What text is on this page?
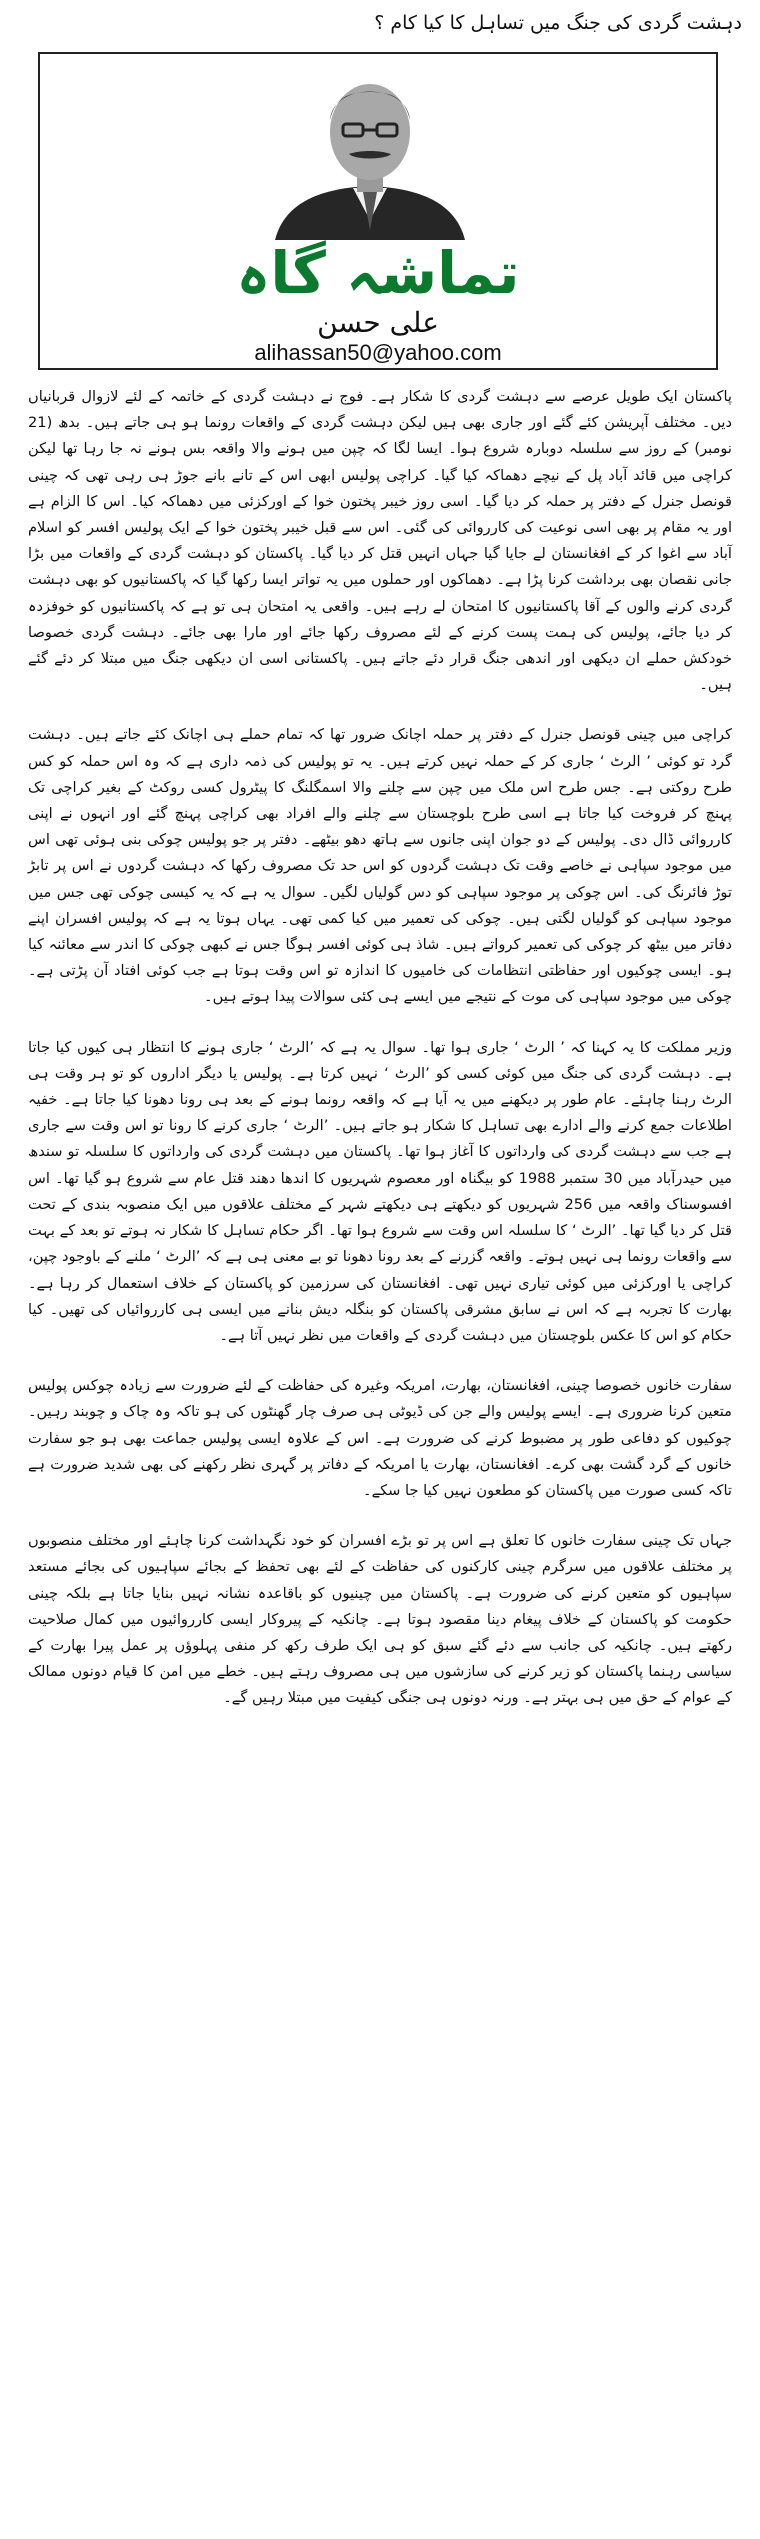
دہشت گردی کی جنگ میں تساہل کا کیا کام ؟
تماشہ گاہ
علی حسن
alihassan50@yahoo.com

پاکستان ایک طویل عرصے سے دہشت گردی کا شکار ہے۔ فوج نے دہشت گردی کے خاتمہ کے لئے لازوال قربانیاں دیں۔ مختلف آپریشن کئے گئے اور جاری بھی ہیں لیکن دہشت گردی کے واقعات رونما ہو ہی جاتے ہیں۔ بدھ (21 نومبر) کے روز سے سلسلہ دوبارہ شروع ہوا۔ ایسا لگا کہ چپن میں ہونے والا واقعہ بس ہونے نہ جا رہا تھا لیکن کراچی میں قائد آباد پل کے نیچے دھماکہ کیا گیا۔ کراچی پولیس ابھی اس کے تانے بانے جوڑ ہی رہی تھی کہ چینی قونصل جنرل کے دفتر پر حملہ کر دیا گیا۔ اسی روز خیبر پختون خوا کے اورکزئی میں دھماکہ کیا۔ اس کا الزام ہے اور یہ مقام پر بھی اسی نوعیت کی کارروائی کی گئی۔ اس سے قبل خیبر پختون خوا کے ایک پولیس افسر کو اسلام آباد سے اغوا کر کے افغانستان لے جایا گیا جہاں انہیں قتل کر دیا گیا۔ پاکستان کو دہشت گردی کے واقعات میں بڑا جانی نقصان بھی برداشت کرنا پڑا ہے۔ دھماکوں اور حملوں میں یہ تواتر ایسا رکھا گیا کہ پاکستانیوں کو بھی دہشت گردی کرنے والوں کے آقا پاکستانیوں کا امتحان لے رہے ہیں۔ واقعی یہ امتحان ہی تو ہے کہ پاکستانیوں کو خوفزدہ کر دیا جائے، پولیس کی ہمت پست کرنے کے لئے مصروف رکھا جائے اور مارا بھی جائے۔ دہشت گردی خصوصا خودکش حملے ان دیکھی اور اندھی جنگ قرار دئے جاتے ہیں۔ پاکستانی اسی ان دیکھی جنگ میں مبتلا کر دئے گئے ہیں۔

کراچی میں چینی قونصل جنرل کے دفتر پر حملہ اچانک ضرور تھا کہ تمام حملے ہی اچانک کئے جاتے ہیں۔ دہشت گرد تو کوئی ’ الرٹ ‘ جاری کر کے حملہ نہیں کرتے ہیں۔ یہ تو پولیس کی ذمہ داری ہے کہ وہ اس حملہ کو کس طرح روکتی ہے۔ جس طرح اس ملک میں چپن سے چلنے والا اسمگلنگ کا پیٹرول کسی روکٹ کے بغیر کراچی تک پہنچ کر فروخت کیا جاتا ہے اسی طرح بلوچستان سے چلنے والے افراد بھی کراچی پہنچ گئے اور انہوں نے اپنی کارروائی ڈال دی۔ پولیس کے دو جوان اپنی جانوں سے ہاتھ دھو بیٹھے۔ دفتر پر جو پولیس چوکی بنی ہوئی تھی اس میں موجود سپاہی نے خاصے وقت تک دہشت گردوں کو اس حد تک مصروف رکھا کہ دہشت گردوں نے اس پر تابڑ توڑ فائرنگ کی۔ اس چوکی پر موجود سپاہی کو دس گولیاں لگیں۔ سوال یہ ہے کہ یہ کیسی چوکی تھی جس میں موجود سپاہی کو گولیاں لگتی ہیں۔ چوکی کی تعمیر میں کیا کمی تھی۔ یہاں ہوتا یہ ہے کہ پولیس افسران اپنے دفاتر میں بیٹھ کر چوکی کی تعمیر کرواتے ہیں۔ شاذ ہی کوئی افسر ہوگا جس نے کبھی چوکی کا اندر سے معائنہ کیا ہو۔ ایسی چوکیوں اور حفاظتی انتظامات کی خامیوں کا اندازہ تو اس وقت ہوتا ہے جب کوئی افتاد آن پڑتی ہے۔ چوکی میں موجود سپاہی کی موت کے نتیجے میں ایسے ہی کئی سوالات پیدا ہوتے ہیں۔

وزیر مملکت کا یہ کہنا کہ ’ الرٹ ‘ جاری ہوا تھا۔ سوال یہ ہے کہ ’الرٹ ‘ جاری ہونے کا انتظار ہی کیوں کیا جاتا ہے۔ دہشت گردی کی جنگ میں کوئی کسی کو ’الرٹ ‘ نہیں کرتا ہے۔ پولیس یا دیگر اداروں کو تو ہر وقت ہی الرٹ رہنا چاہئے۔ عام طور پر دیکھنے میں یہ آیا ہے کہ واقعہ رونما ہونے کے بعد ہی رونا دھونا کیا جاتا ہے۔ خفیہ اطلاعات جمع کرنے والے ادارے بھی تساہل کا شکار ہو جاتے ہیں۔ ’الرٹ ‘ جاری کرنے کا رونا تو اس وقت سے جاری ہے جب سے دہشت گردی کی وارداتوں کا آغاز ہوا تھا۔ پاکستان میں دہشت گردی کی وارداتوں کا سلسلہ تو سندھ میں حیدرآباد میں 30 ستمبر 1988 کو بیگناہ اور معصوم شہریوں کا اندھا دھند قتل عام سے شروع ہو گیا تھا۔ اس افسوسناک واقعہ میں 256 شہریوں کو دیکھتے ہی دیکھتے شہر کے مختلف علاقوں میں ایک منصوبہ بندی کے تحت قتل کر دیا گیا تھا۔ ’الرٹ ‘ کا سلسلہ اس وقت سے شروع ہوا تھا۔ اگر حکام تساہل کا شکار نہ ہوتے تو بعد کے بہت سے واقعات رونما ہی نہیں ہوتے۔ واقعہ گزرنے کے بعد رونا دھونا تو بے معنی ہی ہے کہ ’الرٹ ‘ ملنے کے باوجود چپن، کراچی یا اورکزئی میں کوئی تیاری نہیں تھی۔ افغانستان کی سرزمین کو پاکستان کے خلاف استعمال کر رہا ہے۔ بھارت کا تجربہ ہے کہ اس نے سابق مشرقی پاکستان کو بنگلہ دیش بنانے میں ایسی ہی کارروائیاں کی تھیں۔ کیا حکام کو اس کا عکس بلوچستان میں دہشت گردی کے واقعات میں نظر نہیں آتا ہے۔

سفارت خانوں خصوصا چینی، افغانستان، بھارت، امریکہ وغیرہ کی حفاظت کے لئے ضرورت سے زیادہ چوکس پولیس متعین کرنا ضروری ہے۔ ایسے پولیس والے جن کی ڈیوٹی ہی صرف چار گھنٹوں کی ہو تاکہ وہ چاک و چوبند رہیں۔ چوکیوں کو دفاعی طور پر مضبوط کرنے کی ضرورت ہے۔ اس کے علاوہ ایسی پولیس جماعت بھی ہو جو سفارت خانوں کے گرد گشت بھی کرے۔ افغانستان، بھارت یا امریکہ کے دفاتر پر گہری نظر رکھنے کی بھی شدید ضرورت ہے تاکہ کسی صورت میں پاکستان کو مطعون نہیں کیا جا سکے۔

جہاں تک چینی سفارت خانوں کا تعلق ہے اس پر تو بڑے افسران کو خود نگہداشت کرنا چاہئے اور مختلف منصوبوں پر مختلف علاقوں میں سرگرم چینی کارکنوں کی حفاظت کے لئے بھی تحفظ کے بجائے سپاہیوں کی بجائے مستعد سپاہیوں کو متعین کرنے کی ضرورت ہے۔ پاکستان میں چینیوں کو باقاعدہ نشانہ نہیں بنایا جاتا ہے بلکہ چینی حکومت کو پاکستان کے خلاف پیغام دینا مقصود ہوتا ہے۔ چانکیہ کے پیروکار ایسی کارروائیوں میں کمال صلاحیت رکھتے ہیں۔ چانکیہ کی جانب سے دئے گئے سبق کو ہی ایک طرف رکھ کر منفی پہلوؤں پر عمل پیرا بھارت کے سیاسی رہنما پاکستان کو زیر کرنے کی سازشوں میں ہی مصروف رہتے ہیں۔ خطے میں امن کا قیام دونوں ممالک کے عوام کے حق میں ہی بہتر ہے۔ ورنہ دونوں ہی جنگی کیفیت میں مبتلا رہیں گے۔
